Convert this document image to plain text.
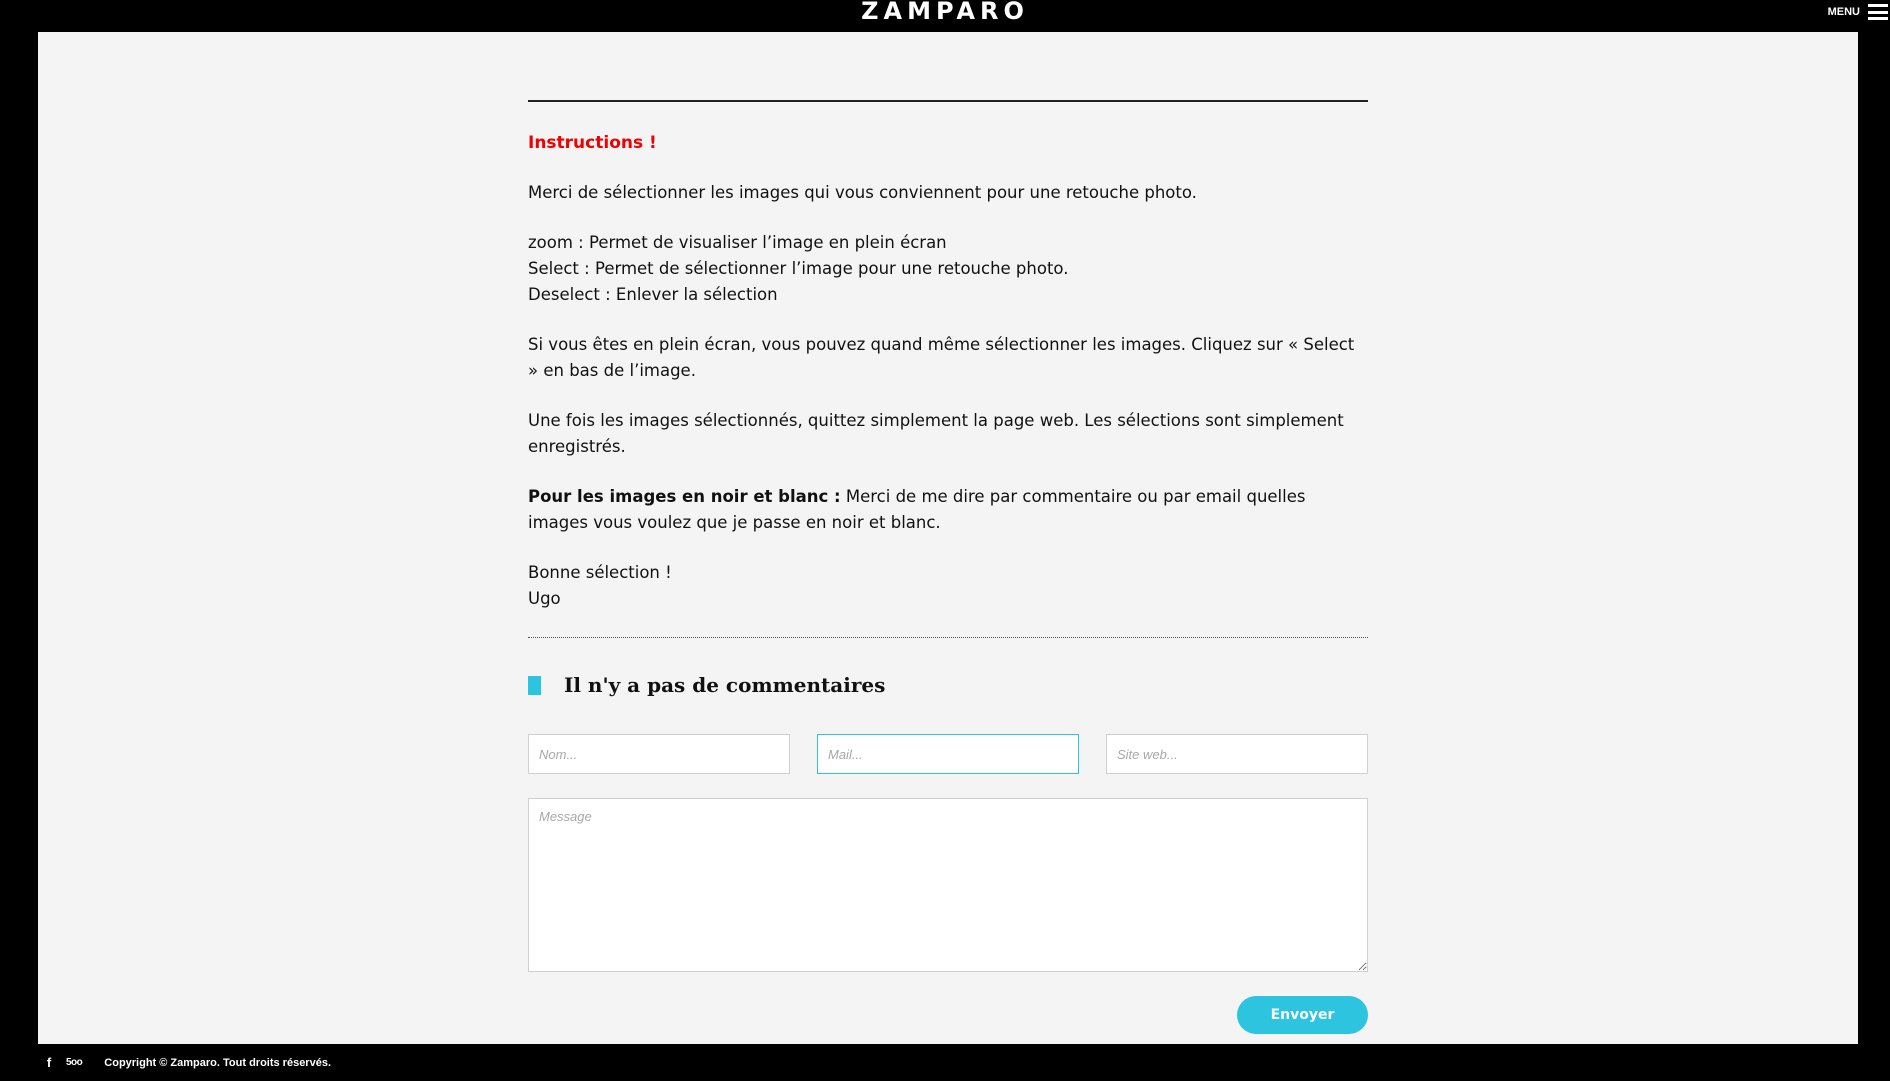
ZAMPARO	MENU

Instructions !

Merci de sélectionner les images qui vous conviennent pour une retouche photo.

zoom : Permet de visualiser l’image en plein écran
Select : Permet de sélectionner l’image pour une retouche photo.
Deselect : Enlever la sélection

Si vous êtes en plein écran, vous pouvez quand même sélectionner les images. Cliquez sur « Select » en bas de l’image.

Une fois les images sélectionnés, quittez simplement la page web. Les sélections sont simplement enregistrés.

Pour les images en noir et blanc : Merci de me dire par commentaire ou par email quelles images vous voulez que je passe en noir et blanc.

Bonne sélection !
Ugo

Il n'y a pas de commentaires
Nom...
Mail...
Site web...
Message
Envoyer
f 5oo Copyright © Zamparo. Tout droits réservés.
